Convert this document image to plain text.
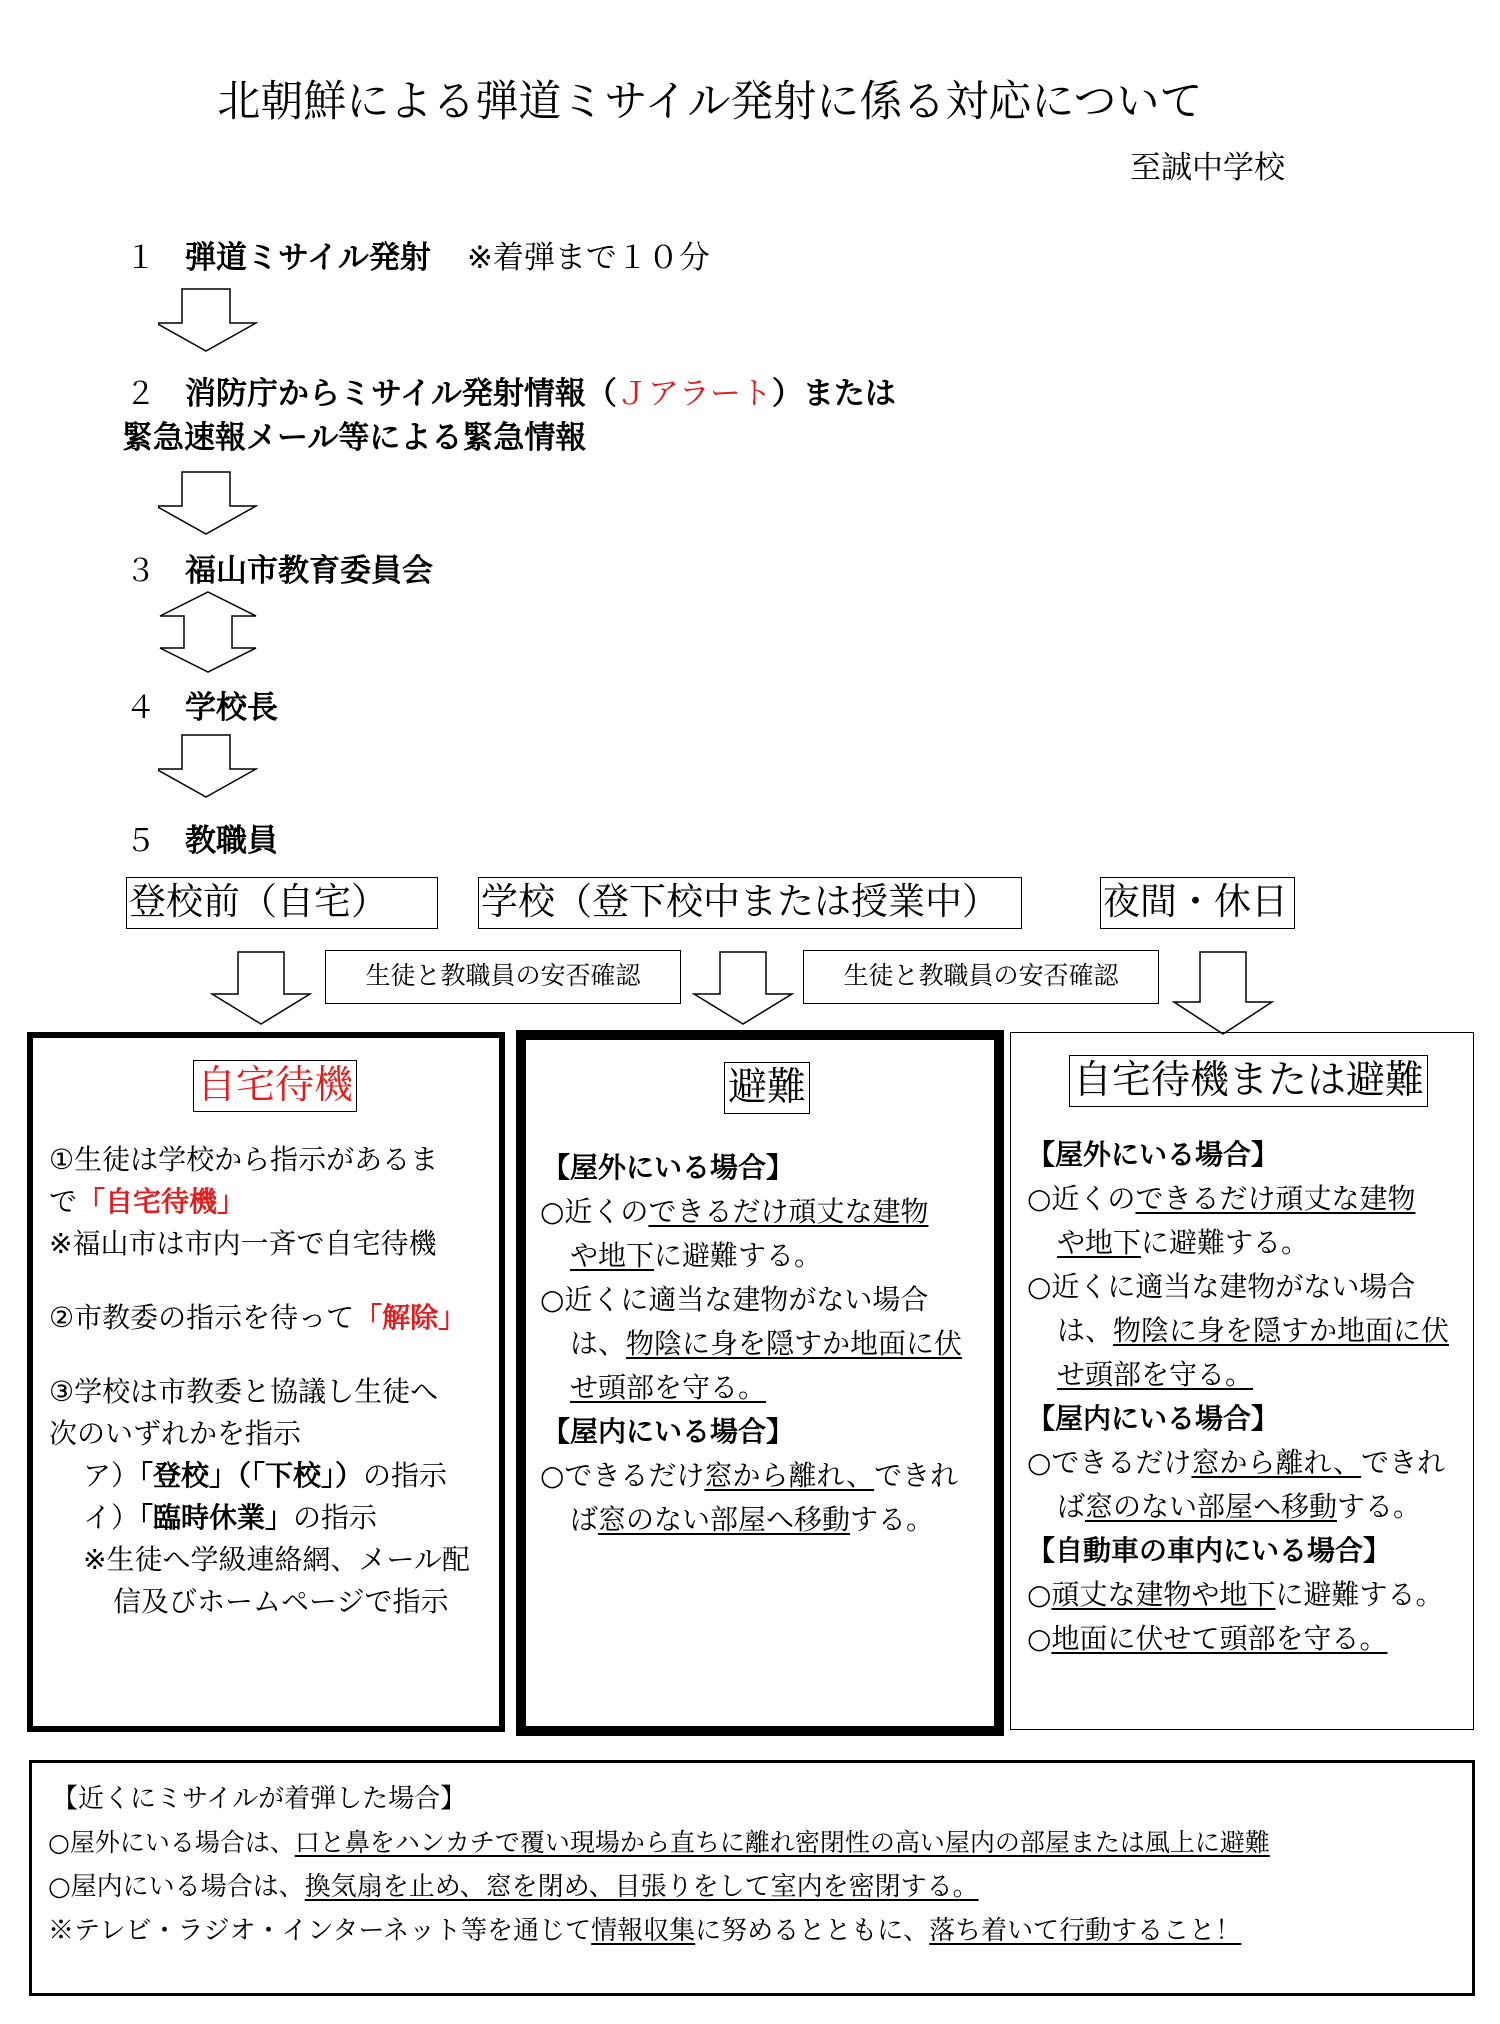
北朝鮮による弾道ミサイル発射に係る対応について
至誠中学校
１ 弾道ミサイル発射 ※着弾まで１０分
２ 消防庁からミサイル発射情報（Ｊアラート）または
緊急速報メール等による緊急情報
３ 福山市教育委員会
４ 学校長
５ 教職員
登校前（自宅）	学校（登下校中または授業中）	夜間・休日
生徒と教職員の安否確認	生徒と教職員の安否確認
自宅待機
①生徒は学校から指示があるま
で「自宅待機」
※福山市は市内一斉で自宅待機
②市教委の指示を待って「解除」
③学校は市教委と協議し生徒へ
次のいずれかを指示
ア）「登校」（「下校」）の指示
イ）「臨時休業」の指示
※生徒へ学級連絡網、メール配
信及びホームページで指示
避難
【屋外にいる場合】
○近くのできるだけ頑丈な建物
や地下に避難する。
○近くに適当な建物がない場合
は、物陰に身を隠すか地面に伏
せ頭部を守る。
【屋内にいる場合】
○できるだけ窓から離れ、できれ
ば窓のない部屋へ移動する。
自宅待機または避難
【屋外にいる場合】
○近くのできるだけ頑丈な建物
や地下に避難する。
○近くに適当な建物がない場合
は、物陰に身を隠すか地面に伏
せ頭部を守る。
【屋内にいる場合】
○できるだけ窓から離れ、できれ
ば窓のない部屋へ移動する。
【自動車の車内にいる場合】
○頑丈な建物や地下に避難する。
○地面に伏せて頭部を守る。
【近くにミサイルが着弾した場合】
○屋外にいる場合は、口と鼻をハンカチで覆い現場から直ちに離れ密閉性の高い屋内の部屋または風上に避難
○屋内にいる場合は、換気扇を止め、窓を閉め、目張りをして室内を密閉する。
※テレビ・ラジオ・インターネット等を通じて情報収集に努めるとともに、落ち着いて行動すること！
